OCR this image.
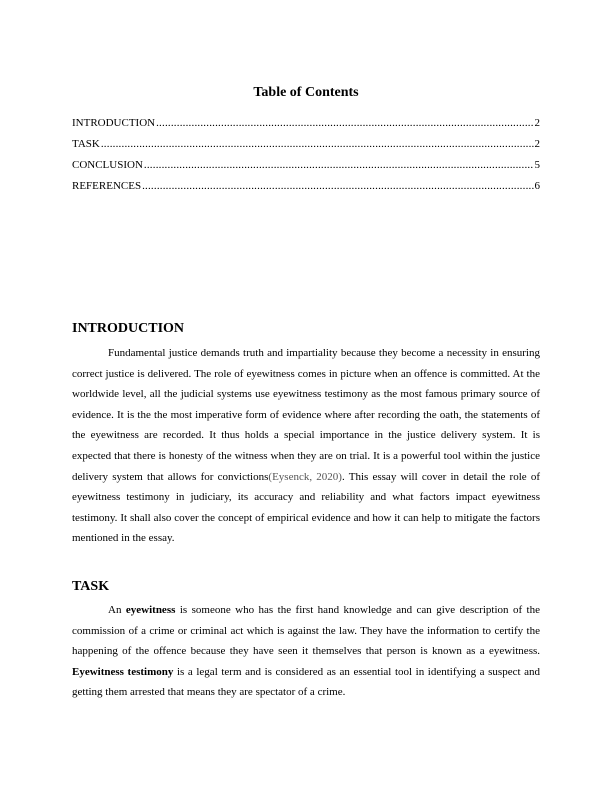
Table of Contents
INTRODUCTION .....	2
TASK .....	2
CONCLUSION .....	5
REFERENCES .....	6
INTRODUCTION

Fundamental justice demands truth and impartiality because they become a necessity in ensuring correct justice is delivered. The role of eyewitness comes in picture when an offence is committed. At the worldwide level, all the judicial systems use eyewitness testimony as the most famous primary source of evidence. It is the the most imperative form of evidence where after recording the oath, the statements of the eyewitness are recorded. It thus holds a special importance in the justice delivery system. It is expected that there is honesty of the witness when they are on trial. It is a powerful tool within the justice delivery system that allows for convictions(Eysenck, 2020). This essay will cover in detail the role of eyewitness testimony in judiciary, its accuracy and reliability and what factors impact eyewitness testimony. It shall also cover the concept of empirical evidence and how it can help to mitigate the factors mentioned in the essay.

TASK

An eyewitness is someone who has the first hand knowledge and can give description of the commission of a crime or criminal act which is against the law. They have the information to certify the happening of the offence because they have seen it themselves that person is known as a eyewitness. Eyewitness testimony is a legal term and is considered as an essential tool in identifying a suspect and getting them arrested that means they are spectator of a crime.
